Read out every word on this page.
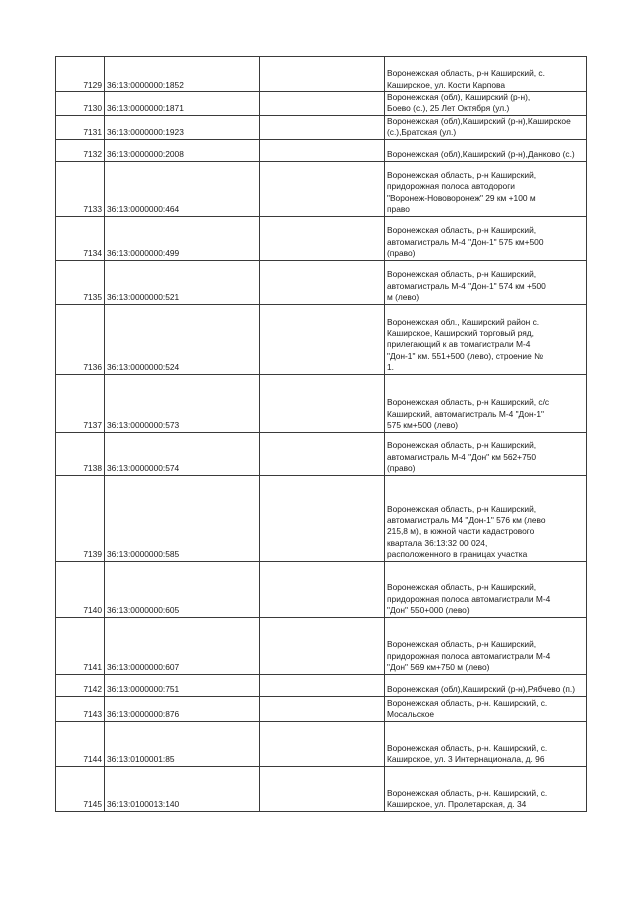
7129	36:13:0000000:1852		Воронежская область, р-н Каширский, с.
Каширское, ул. Кости Карпова

7130	36:13:0000000:1871		Воронежская (обл), Каширский (р-н),
Боево (с.), 25 Лет Октября (ул.)

7131	36:13:0000000:1923		Воронежская (обл),Каширский (р-н),Каширское (с.),Братская (ул.)
7132	36:13:0000000:2008		Воронежская (обл),Каширский (р-н),Данково (с.)
7133	36:13:0000000:464		Воронежская область, р-н Каширский,
придорожная полоса автодороги
"Воронеж-Нововоронеж" 29 км +100 м
право

7134	36:13:0000000:499		Воронежская область, р-н Каширский,
автомагистраль М-4 "Дон-1" 575 км+500
(право)

7135	36:13:0000000:521		Воронежская область, р-н Каширский,
автомагистраль М-4 "Дон-1" 574 км +500
м (лево)

7136	36:13:0000000:524		Воронежская обл., Каширский район с.
Каширское, Каширский торговый ряд,
прилегающий к ав томагистрали М-4
"Дон-1" км. 551+500 (лево), строение №
1.

7137	36:13:0000000:573		Воронежская область, р-н Каширский, с/с
Каширский, автомагистраль М-4 "Дон-1"
575 км+500 (лево)

7138	36:13:0000000:574		Воронежская область, р-н Каширский,
автомагистраль М-4 "Дон" км 562+750
(право)

7139	36:13:0000000:585		Воронежская область, р-н Каширский,
автомагистраль М4 "Дон-1" 576 км (лево
215,8 м), в южной части кадастрового
квартала 36:13:32 00 024,
расположенного в границах участка

7140	36:13:0000000:605		Воронежская область, р-н Каширский,
придорожная полоса автомагистрали М-4
"Дон" 550+000 (лево)

7141	36:13:0000000:607		Воронежская область, р-н Каширский,
придорожная полоса автомагистрали М-4
"Дон" 569 км+750 м (лево)

7142	36:13:0000000:751		Воронежская (обл),Каширский (р-н),Рябчево (п.)
7143	36:13:0000000:876		Воронежская область, р-н. Каширский, с.
Мосальское

7144	36:13:0100001:85		Воронежская область, р-н. Каширский, с.
Каширское, ул. 3 Интернационала, д. 96

7145	36:13:0100013:140		Воронежская область, р-н. Каширский, с.
Каширское, ул. Пролетарская, д. 34
